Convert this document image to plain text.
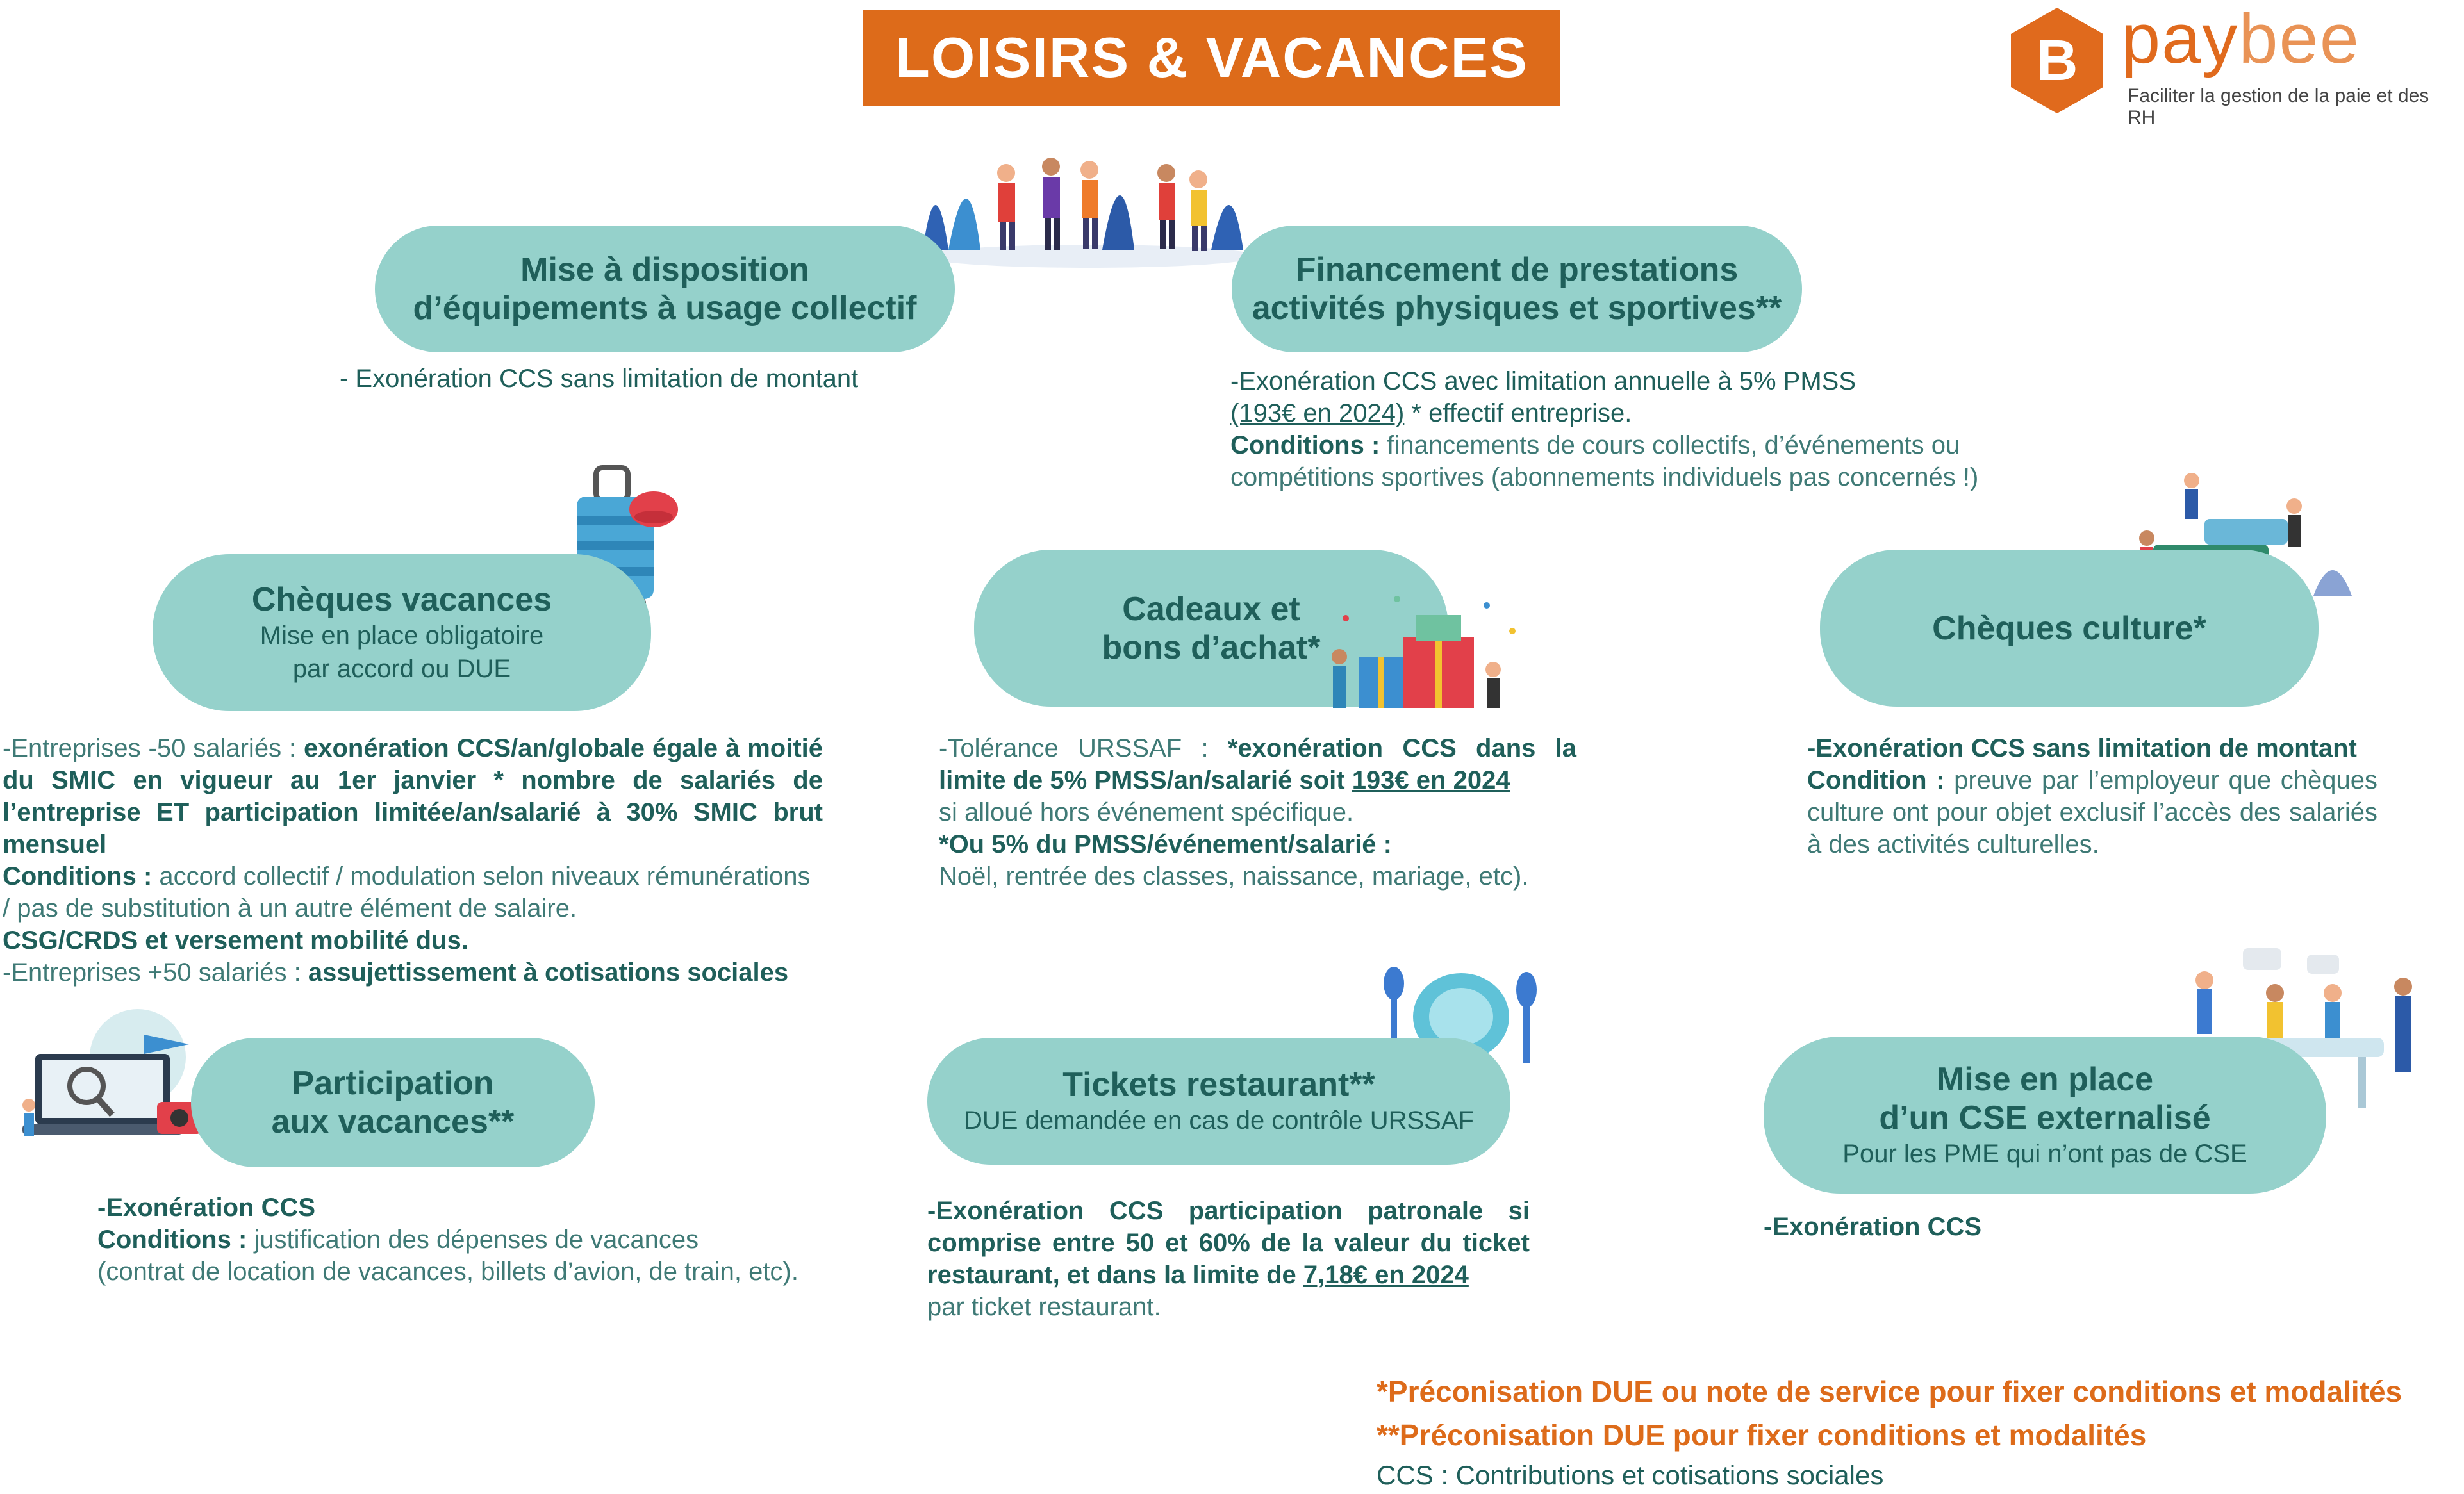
LOISIRS & VACANCES	B paybee
Faciliter la gestion de la paie et des RH
Mise à disposition
d’équipements à usage collectif
- Exonération CCS sans limitation de montant
Financement de prestations
activités physiques et sportives**
-Exonération CCS avec limitation annuelle à 5% PMSS
(193€ en 2024) * effectif entreprise.
Conditions : financements de cours collectifs, d’événements ou
compétitions sportives (abonnements individuels pas concernés !)
Chèques vacances
Mise en place obligatoire
par accord ou DUE
-Entreprises -50 salariés : exonération CCS/an/globale égale à moitié du SMIC en vigueur au 1er janvier * nombre de salariés de l’entreprise ET participation limitée/an/salarié à 30% SMIC brut mensuel
Conditions : accord collectif / modulation selon niveaux rémunérations / pas de substitution à un autre élément de salaire.
CSG/CRDS et versement mobilité dus.
-Entreprises +50 salariés : assujettissement à cotisations sociales
Cadeaux et
bons d’achat*
-Tolérance URSSAF : *exonération CCS dans la limite de 5% PMSS/an/salarié soit 193€ en 2024
si alloué hors événement spécifique.
*Ou 5% du PMSS/événement/salarié :
Noël, rentrée des classes, naissance, mariage, etc).
Chèques culture*
-Exonération CCS sans limitation de montant
Condition : preuve par l’employeur que chèques culture ont pour objet exclusif l’accès des salariés à des activités culturelles.
Participation
aux vacances**
-Exonération CCS
Conditions : justification des dépenses de vacances
(contrat de location de vacances, billets d’avion, de train, etc).
Tickets restaurant**
DUE demandée en cas de contrôle URSSAF
-Exonération CCS participation patronale si comprise entre 50 et 60% de la valeur du ticket restaurant, et dans la limite de 7,18€ en 2024
par ticket restaurant.
Mise en place
d’un CSE externalisé
Pour les PME qui n’ont pas de CSE
-Exonération CCS
*Préconisation DUE ou note de service pour fixer conditions et modalités
**Préconisation DUE pour fixer conditions et modalités
CCS : Contributions et cotisations sociales
